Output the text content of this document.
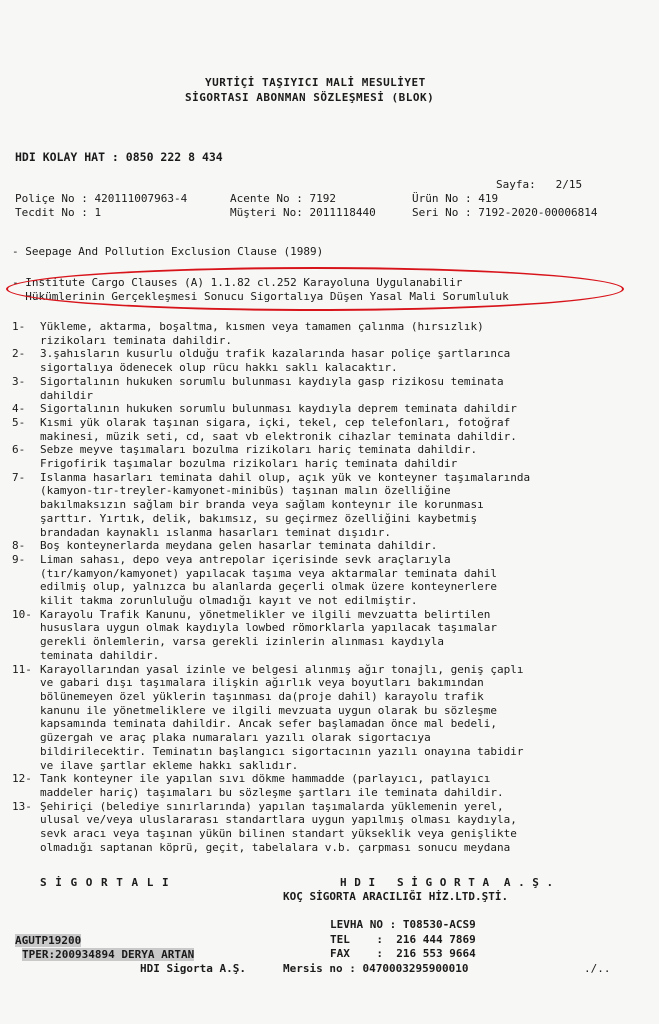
YURTİÇİ TAŞIYICI MALİ MESULİYET
SİGORTASI ABONMAN SÖZLEŞMESİ (BLOK)
HDI KOLAY HAT : 0850 222 8 434
Sayfa: 2/15
Poliçe No : 420111007963-4	Acente No : 7192	Ürün No : 419
Tecdit No : 1	Müşteri No: 2011118440	Seri No : 7192-2020-00006814
- Seepage And Pollution Exclusion Clause (1989)
- Institute Cargo Clauses (A) 1.1.82 cl.252 Karayoluna Uygulanabilir
Hükümlerinin Gerçekleşmesi Sonucu Sigortalıya Düşen Yasal Mali Sorumluluk
1- Yükleme, aktarma, boşaltma, kısmen veya tamamen çalınma (hırsızlık)
rizikoları teminata dahildir.
2- 3.şahısların kusurlu olduğu trafik kazalarında hasar poliçe şartlarınca
sigortalıya ödenecek olup rücu hakkı saklı kalacaktır.
3- Sigortalının hukuken sorumlu bulunması kaydıyla gasp rizikosu teminata
dahildir
4- Sigortalının hukuken sorumlu bulunması kaydıyla deprem teminata dahildir
5- Kısmi yük olarak taşınan sigara, içki, tekel, cep telefonları, fotoğraf
makinesi, müzik seti, cd, saat vb elektronik cihazlar teminata dahildir.
6- Sebze meyve taşımaları bozulma rizikoları hariç teminata dahildir.
Frigofirik taşımalar bozulma rizikoları hariç teminata dahildir
7- Islanma hasarları teminata dahil olup, açık yük ve konteyner taşımalarında
(kamyon-tır-treyler-kamyonet-minibüs) taşınan malın özelliğine
bakılmaksızın sağlam bir branda veya sağlam konteynır ile korunması
şarttır. Yırtık, delik, bakımsız, su geçirmez özelliğini kaybetmiş
brandadan kaynaklı ıslanma hasarları teminat dışıdır.
8- Boş konteynerlarda meydana gelen hasarlar teminata dahildir.
9- Liman sahası, depo veya antrepolar içerisinde sevk araçlarıyla
(tır/kamyon/kamyonet) yapılacak taşıma veya aktarmalar teminata dahil
edilmiş olup, yalnızca bu alanlarda geçerli olmak üzere konteynerlere
kilit takma zorunluluğu olmadığı kayıt ve not edilmiştir.
10- Karayolu Trafik Kanunu, yönetmelikler ve ilgili mevzuatta belirtilen
hususlara uygun olmak kaydıyla lowbed römorklarla yapılacak taşımalar
gerekli önlemlerin, varsa gerekli izinlerin alınması kaydıyla
teminata dahildir.
11- Karayollarından yasal izinle ve belgesi alınmış ağır tonajlı, geniş çaplı
ve gabari dışı taşımalara ilişkin ağırlık veya boyutları bakımından
bölünemeyen özel yüklerin taşınması da(proje dahil) karayolu trafik
kanunu ile yönetmeliklere ve ilgili mevzuata uygun olarak bu sözleşme
kapsamında teminata dahildir. Ancak sefer başlamadan önce mal bedeli,
güzergah ve araç plaka numaraları yazılı olarak sigortacıya
bildirilecektir. Teminatın başlangıcı sigortacının yazılı onayına tabidir
ve ilave şartlar ekleme hakkı saklıdır.
12- Tank konteyner ile yapılan sıvı dökme hammadde (parlayıcı, patlayıcı
maddeler hariç) taşımaları bu sözleşme şartları ile teminata dahildir.
13- Şehiriçi (belediye sınırlarında) yapılan taşımalarda yüklemenin yerel,
ulusal ve/veya uluslararası standartlara uygun yapılmış olması kaydıyla,
sevk aracı veya taşınan yükün bilinen standart yükseklik veya genişlikte
olmadığı saptanan köprü, geçit, tabelalara v.b. çarpması sonucu meydana
S İ G O R T A L I	H D I   S İ G O R T A  A . Ş .
KOÇ SİGORTA ARACILIĞI HİZ.LTD.ŞTİ.
LEVHA NO : T08530-ACS9
TEL    :  216 444 7869
FAX    :  216 553 9664
AGUTP19200
TPER:200934894 DERYA ARTAN
HDI Sigorta A.Ş.	Mersis no : 0470003295900010	./..
